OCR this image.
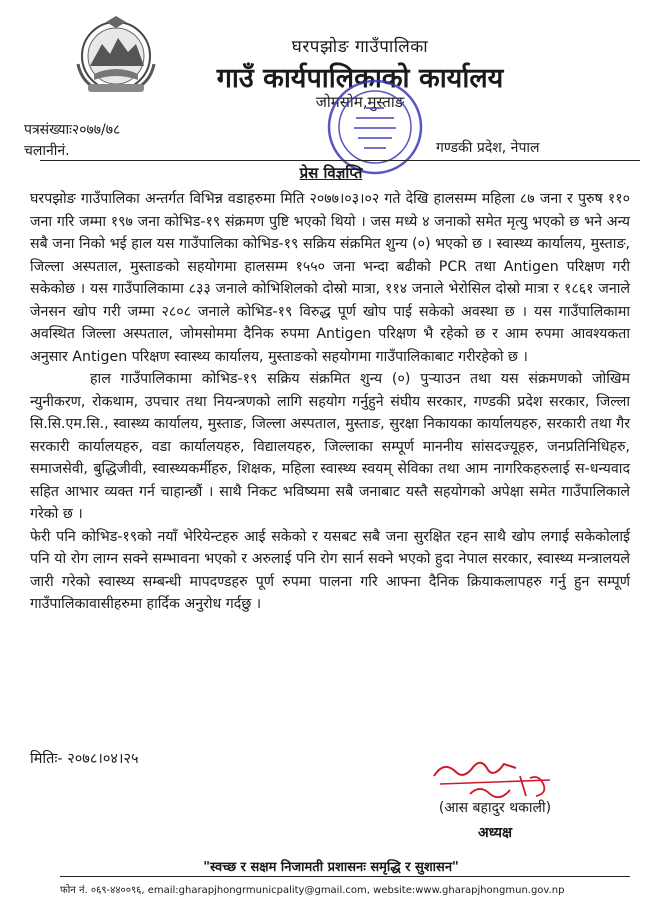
घरपझोङ गाउँपालिका
गाउँ कार्यपालिकाको कार्यालय
जोमसोम,मुस्ताङ
पत्रसंख्याः२०७७/७८
चलानीनं.	गण्डकी प्रदेश, नेपाल
प्रेस विज्ञप्ति

घरपझोङ गाउँपालिका अन्तर्गत विभिन्न वडाहरुमा मिति २०७७।०३।०२ गते देखि हालसम्म महिला ८७ जना र पुरुष ११० जना गरि जम्मा १९७ जना कोभिड-१९ संक्रमण पुष्टि भएको थियो । जस मध्ये ४ जनाको समेत मृत्यु भएको छ भने अन्य सबै जना निको भई हाल यस गाउँपालिका कोभिड-१९ सक्रिय संक्रमित शुन्य (०) भएको छ । स्वास्थ्य कार्यालय, मुस्ताङ, जिल्ला अस्पताल, मुस्ताङको सहयोगमा हालसम्म १५५० जना भन्दा बढीको PCR तथा Antigen परिक्षण गरी सकेकोछ । यस गाउँपालिकामा ८३३ जनाले कोभिशिलको दोस्रो मात्रा, ११४ जनाले भेरोसिल दोस्रो मात्रा र १८६१ जनाले जेनसन खोप गरी जम्मा २८०८ जनाले कोभिड-१९ विरुद्ध पूर्ण खोप पाई सकेको अवस्था छ । यस गाउँपालिकामा अवस्थित जिल्ला अस्पताल, जोमसोममा दैनिक रुपमा Antigen परिक्षण भै रहेको छ र आम रुपमा आवश्यकता अनुसार Antigen परिक्षण स्वास्थ्य कार्यालय, मुस्ताङको सहयोगमा गाउँपालिकाबाट गरीरहेको छ ।

हाल गाउँपालिकामा कोभिड-१९ सक्रिय संक्रमित शुन्य (०) पुऱ्याउन तथा यस संक्रमणको जोखिम न्युनीकरण, रोकथाम, उपचार तथा नियन्त्रणको लागि सहयोग गर्नुहुने संघीय सरकार, गण्डकी प्रदेश सरकार, जिल्ला सि.सि.एम.सि., स्वास्थ्य कार्यालय, मुस्ताङ, जिल्ला अस्पताल, मुस्ताङ, सुरक्षा निकायका कार्यालयहरु, सरकारी तथा गैर सरकारी कार्यालयहरु, वडा कार्यालयहरु, विद्यालयहरु, जिल्लाका सम्पूर्ण माननीय सांसदज्यूहरु, जनप्रतिनिधिहरु, समाजसेवी, बुद्धिजीवी, स्वास्थ्यकर्मीहरु, शिक्षक, महिला स्वास्थ्य स्वयम् सेविका तथा आम नागरिकहरुलाई स-धन्यवाद सहित आभार व्यक्त गर्न चाहान्छौं । साथै निकट भविष्यमा सबै जनाबाट यस्तै सहयोगको अपेक्षा समेत गाउँपालिकाले गरेको छ ।

फेरी पनि कोभिड-१९को नयाँ भेरियेन्टहरु आई सकेको र यसबट सबै जना सुरक्षित रहन साथै खोप लगाई सकेकोलाई पनि यो रोग लाग्न सक्ने सम्भावना भएको र अरुलाई पनि रोग सार्न सक्ने भएको हुदा नेपाल सरकार, स्वास्थ्य मन्त्रालयले जारी गरेको स्वास्थ्य सम्बन्धी मापदण्डहरु पूर्ण रुपमा पालना गरि आफ्ना दैनिक क्रियाकलापहरु गर्नु हुन सम्पूर्ण गाउँपालिकावासीहरुमा हार्दिक अनुरोध गर्दछु ।

मितिः- २०७८।०४।२५
(आस बहादुर थकाली)
अध्यक्ष
"स्वच्छ र सक्षम निजामती प्रशासनः समृद्धि र सुशासन"
फोन नं. ०६९-४४००९६, email:gharapjhongrmunicpality@gmail.com, website:www.gharapjhongmun.gov.np
